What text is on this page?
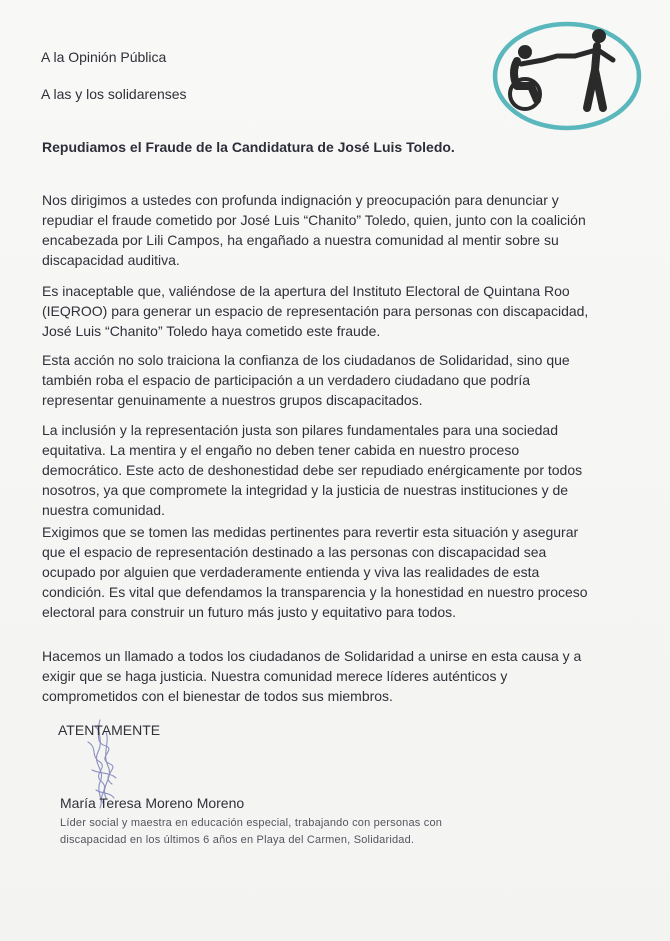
A la Opinión Pública
A las y los solidarenses
Repudiamos el Fraude de la Candidatura de José Luis Toledo.

Nos dirigimos a ustedes con profunda indignación y preocupación para denunciar y repudiar el fraude cometido por José Luis “Chanito” Toledo, quien, junto con la coalición encabezada por Lili Campos, ha engañado a nuestra comunidad al mentir sobre su discapacidad auditiva.

Es inaceptable que, valiéndose de la apertura del Instituto Electoral de Quintana Roo (IEQROO) para generar un espacio de representación para personas con discapacidad, José Luis “Chanito” Toledo haya cometido este fraude.

Esta acción no solo traiciona la confianza de los ciudadanos de Solidaridad, sino que también roba el espacio de participación a un verdadero ciudadano que podría representar genuinamente a nuestros grupos discapacitados.

La inclusión y la representación justa son pilares fundamentales para una sociedad equitativa. La mentira y el engaño no deben tener cabida en nuestro proceso democrático. Este acto de deshonestidad debe ser repudiado enérgicamente por todos nosotros, ya que compromete la integridad y la justicia de nuestras instituciones y de nuestra comunidad.

Exigimos que se tomen las medidas pertinentes para revertir esta situación y asegurar que el espacio de representación destinado a las personas con discapacidad sea ocupado por alguien que verdaderamente entienda y viva las realidades de esta condición. Es vital que defendamos la transparencia y la honestidad en nuestro proceso electoral para construir un futuro más justo y equitativo para todos.

Hacemos un llamado a todos los ciudadanos de Solidaridad a unirse en esta causa y a exigir que se haga justicia. Nuestra comunidad merece líderes auténticos y comprometidos con el bienestar de todos sus miembros.

ATENTAMENTE
María Teresa Moreno Moreno
Líder social y maestra en educación especial, trabajando con personas con discapacidad en los últimos 6 años en Playa del Carmen, Solidaridad.
